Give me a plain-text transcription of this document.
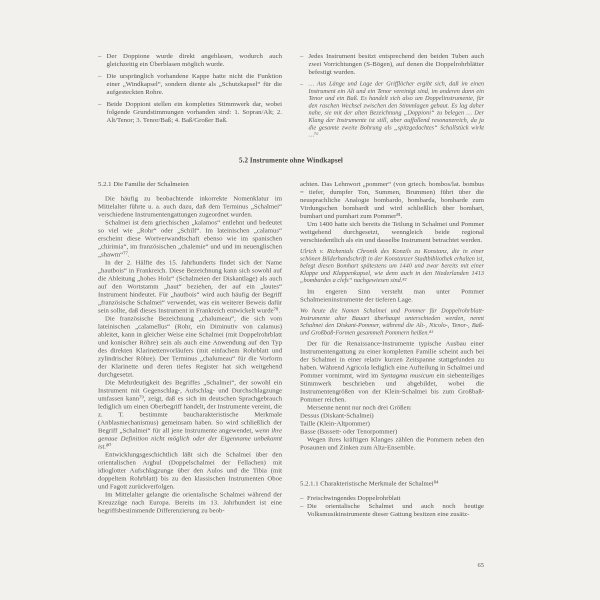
– Der Doppione wurde direkt angeblasen, wodurch auch gleichzeitig ein Überblasen möglich wurde.

– Die ursprünglich vorhandene Kappe hatte nicht die Funktion einer „Windkapsel“, sondern diente als „Schutzkapsel“ für die aufgesteckten Rohre.

– Beide Doppioni stellen ein komplettes Stimmwerk dar, wobei folgende Grundstimmungen vorhanden sind: 1. Sopran/Alt; 2. Alt/Tenor; 3. Tenor/Baß; 4. Baß/Großer Baß.

– Jedes Instrument besitzt entsprechend den beiden Tuben auch zwei Vorrichtungen (S-Bögen), auf denen die Doppelrohrblätter befestigt wurden.

– … Aus Länge und Lage der Grifflöcher ergibt sich, daß im einen Instrument ein Alt und ein Tenor vereinigt sind, im anderen dann ein Tenor und ein Baß. Es handelt sich also um Doppelinstrumente, für den raschen Wechsel zwischen den Stimmlagen gebaut. Es lag daher nahe, sie mit der alten Bezeichnung „Doppioni“ zu belegen … Der Klang der Instrumente ist still, aber auffallend resonanzreich, da ja die gesamte zweite Bohrung als „spitzgedachtes“ Schallstück wirkt …⁷⁶

5.2 Instrumente ohne Windkapsel

5.2.1 Die Familie der Schalmeien

Die häufig zu beobachtende inkorrekte Nomenklatur im Mittelalter führte u. a. auch dazu, daß dem Terminus „Schalmei“ verschiedene Instrumentengattungen zugeordnet wurden.

Schalmei ist dem griechischen „kalamos“ entlehnt und bedeutet so viel wie „Rohr“ oder „Schilf“. Im lateinischen „calamus“ erscheint diese Wortverwandtschaft ebenso wie im spanischen „chirimia“, im französischen „chalemie“ und und im neuenglischen „shawm“⁷⁷.

In der 2. Hälfte des 15. Jahrhunderts findet sich der Name „hautbois“ in Frankreich. Diese Bezeichnung kann sich sowohl auf die Ableitung „hohes Holz“ (Schalmeien der Diskantlage) als auch auf den Wortstamm „haut“ beziehen, der auf ein „lautes“ Instrument hindeutet. Für „hautbois“ wird auch häufig der Begriff „französische Schalmei“ verwendet, was ein weiterer Beweis dafür sein sollte, daß dieses Instrument in Frankreich entwickelt wurde⁷⁸.

Die französische Bezeichnung „chalumeau“, die sich vom lateinischen „calamellus“ (Rohr, ein Diminutiv von calamus) ableitet, kann in gleicher Weise eine Schalmei (mit Doppelrohrblatt und konischer Röhre) sein als auch eine Anwendung auf den Typ des direkten Klarinettenvorläufers (mit einfachem Rohrblatt und zylindrischer Röhre). Der Terminus „chalumeau“ für die Vorform der Klarinette und deren tiefes Register hat sich weitgehend durchgesetzt.

Die Mehrdeutigkeit des Begriffes „Schalmei“, der sowohl ein Instrument mit Gegenschlag-, Aufschlag- und Durchschlagzunge umfassen kann⁷⁹, zeigt, daß es sich im deutschen Sprachgebrauch lediglich um einen Oberbegriff handelt, der Instrumente vereint, die z. T. bestimmte baucharakteristische Merkmale (Anblasmechanismus) gemeinsam haben. So wird schließlich der Begriff „Schalmei“ für all jene Instrumente angewendet, wenn ihre genaue Definition nicht möglich oder der Eigenname unbekannt ist.⁸⁰

Entwicklungsgeschichtlich läßt sich die Schalmei über den orientalischen Arghul (Doppelschalmei der Fellachen) mit idioglotter Aufschlagzunge über den Aulos und die Tibia (mit doppeltem Rohrblatt) bis zu den klassischen Instrumenten Oboe und Fagott zurückverfolgen.

Im Mittelalter gelangte die orientalische Schalmei während der Kreuzzüge nach Europa. Bereits im 13. Jahrhundert ist eine begriffsbestimmende Differenzierung zu beob-

achten. Das Lehnwort „pommer“ (von griech. bombos/lat. bombus = tiefer, dumpfer Ton, Summen, Brummen) führt über die neusprachliche Analogie bombardo, bombarda, bombarde zum Virdungschen bombardt und wird schließlich über bomhart, bumhart und pumhart zum Pommer⁸¹.

Um 1400 hatte sich bereits die Teilung in Schalmei und Pommer weitgehend durchgesetzt, wenngleich beide regional verschiedentlich als ein und dasselbe Instrument betrachtet werden.

Ulrich v. Richentals Chronik des Konzils zu Konstanz, die in einer schönen Bilderhandschrift in der Konstanzer Stadtbibliothek erhalten ist, belegt diesen Bomhart spätestens um 1440 und zwar bereits mit einer Klappe und Klappenkapsel, wie denn auch in den Niederlanden 1413 „bombardes a clefs“ nachgewiesen sind.⁸²

Im engeren Sinn versteht man unter Pommer Schalmeieninstrumente der tieferen Lage.

Wo heute die Namen Schalmei und Pommer für Doppelrohrblatt-Instrumente alter Bauart überhaupt unterschieden werden, nennt Schalmei den Diskant-Pommer, während die Alt-, Nicolo-, Tenor-, Baß- und Großbaß-Formen gesammelt Pommern heißen.⁸³

Der für die Renaissance-Instrumente typische Ausbau einer Instrumentengattung zu einer kompletten Familie scheint auch bei der Schalmei in einer relativ kurzen Zeitspanne stattgefunden zu haben. Während Agricola lediglich eine Aufteilung in Schalmei und Pommer vornimmt, wird im Syntagma musicum ein siebenteiliges Stimmwerk beschrieben und abgebildet, wobei die Instrumentengrößen von der Klein-Schalmei bis zum Großbaß-Pommer reichen.

Mersenne nennt nur noch drei Größen:

Dessus (Diskant-Schalmei)

Taille (Klein-Altpommer)

Basse (Bassett- oder Tenorpommer)

Wegen ihres kräftigen Klanges zählen die Pommern neben den Posaunen und Zinken zum Alta-Ensemble.

5.2.1.1 Charakteristische Merkmale der Schalmei⁸⁴

– Freischwingendes Doppelrohrblatt

– Die orientalische Schalmei und auch noch heutige Volksmusikinstrumente dieser Gattung besitzen eine zusätz-

65
